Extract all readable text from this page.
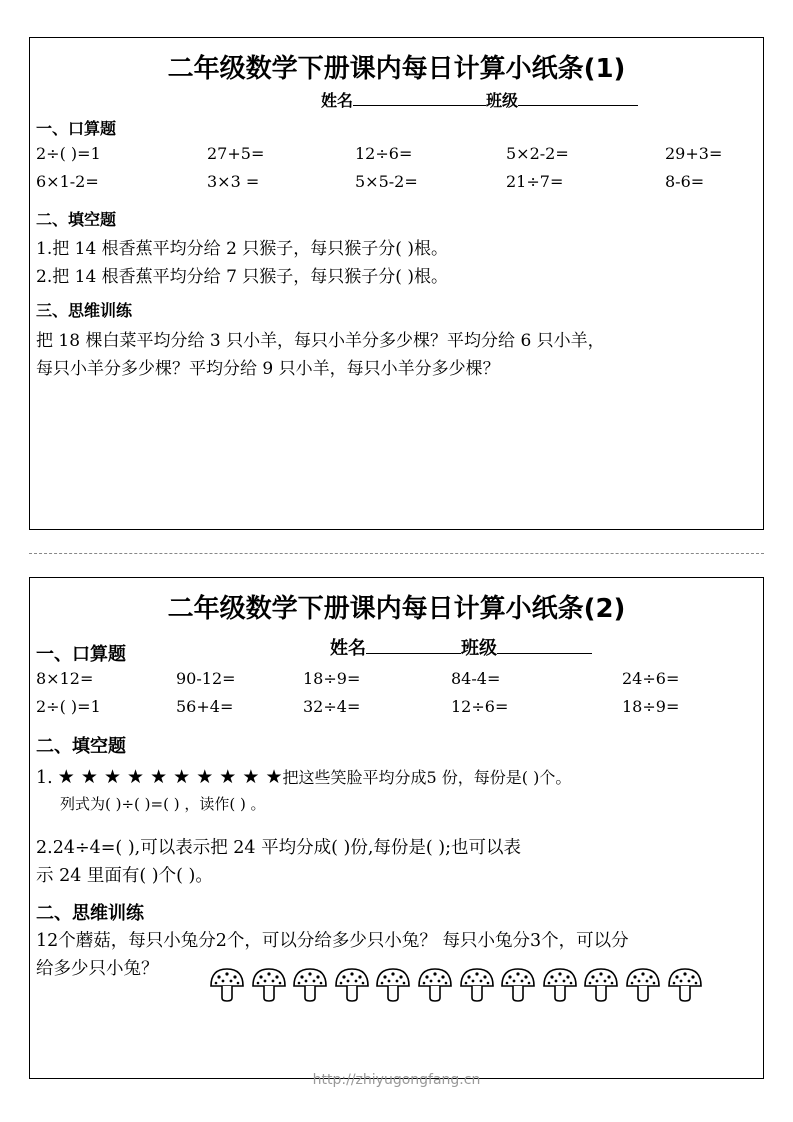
二年级数学下册课内每日计算小纸条(1)
姓名	班级
一、口算题
2÷( )=1	27+5=	12÷6=	5×2-2=	29+3=
6×1-2=	3×3 =	5×5-2=	21÷7=	8-6=
二、填空题
1.把 14 根香蕉平均分给 2 只猴子，每只猴子分( )根。
2.把 14 根香蕉平均分给 7 只猴子，每只猴子分( )根。
三、思维训练
把 18 棵白菜平均分给 3 只小羊，每只小羊分多少棵？平均分给 6 只小羊，
每只小羊分多少棵？平均分给 9 只小羊，每只小羊分多少棵？
二年级数学下册课内每日计算小纸条(2)
姓名	班级
一、口算题
8×12=	90-12=	18÷9=	84-4=	24÷6=
2÷( )=1	56+4=	32÷4=	12÷6=	18÷9=
二、填空题
1. ★ ★ ★ ★ ★ ★ ★ ★ ★ ★把这些笑脸平均分成5 份，每份是( )个。
列式为( )÷( )=( ) ，读作( ) 。
2.24÷4=( ),可以表示把 24 平均分成( )份,每份是( );也可以表
示 24 里面有( )个( )。
二、思维训练
12个蘑菇，每只小兔分2个，可以分给多少只小兔？ 每只小兔分3个，可以分
给多少只小兔？
http://zhiyugongfang.cn
